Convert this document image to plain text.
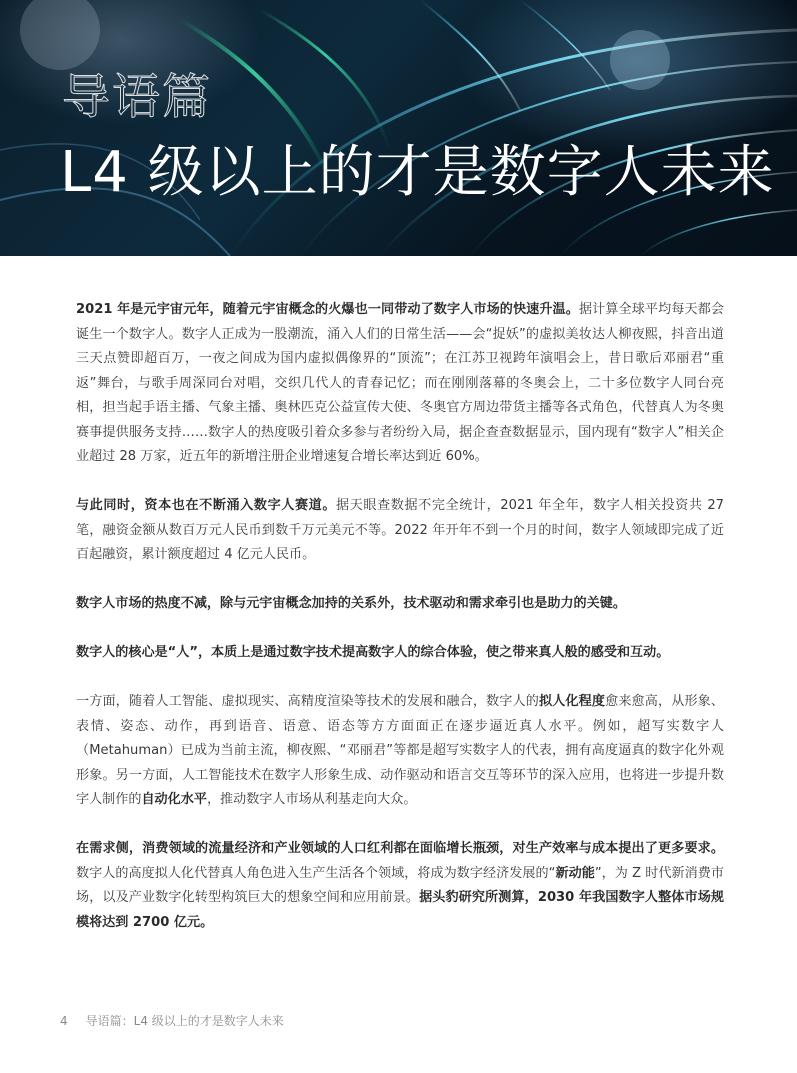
导语篇
L4 级以上的才是数字人未来

2021 年是元宇宙元年，随着元宇宙概念的火爆也一同带动了数字人市场的快速升温。据计算全球平均每天都会诞生一个数字人。数字人正成为一股潮流，涌入人们的日常生活——会“捉妖”的虚拟美妆达人柳夜熙，抖音出道三天点赞即超百万，一夜之间成为国内虚拟偶像界的“顶流”；在江苏卫视跨年演唱会上，昔日歌后邓丽君“重返”舞台，与歌手周深同台对唱，交织几代人的青春记忆；而在刚刚落幕的冬奥会上，二十多位数字人同台亮相，担当起手语主播、气象主播、奥林匹克公益宣传大使、冬奥官方周边带货主播等各式角色，代替真人为冬奥赛事提供服务支持……数字人的热度吸引着众多参与者纷纷入局，据企查查数据显示，国内现有“数字人”相关企业超过 28 万家，近五年的新增注册企业增速复合增长率达到近 60%。

与此同时，资本也在不断涌入数字人赛道。据天眼查数据不完全统计，2021 年全年，数字人相关投资共 27 笔，融资金额从数百万元人民币到数千万元美元不等。2022 年开年不到一个月的时间，数字人领域即完成了近百起融资，累计额度超过 4 亿元人民币。

数字人市场的热度不减，除与元宇宙概念加持的关系外，技术驱动和需求牵引也是助力的关键。

数字人的核心是“人”，本质上是通过数字技术提高数字人的综合体验，使之带来真人般的感受和互动。

一方面，随着人工智能、虚拟现实、高精度渲染等技术的发展和融合，数字人的拟人化程度愈来愈高，从形象、表情、姿态、动作，再到语音、语意、语态等方方面面正在逐步逼近真人水平。例如，超写实数字人（Metahuman）已成为当前主流，柳夜熙、“邓丽君”等都是超写实数字人的代表，拥有高度逼真的数字化外观形象。另一方面，人工智能技术在数字人形象生成、动作驱动和语言交互等环节的深入应用，也将进一步提升数字人制作的自动化水平，推动数字人市场从利基走向大众。

在需求侧，消费领域的流量经济和产业领域的人口红利都在面临增长瓶颈，对生产效率与成本提出了更多要求。数字人的高度拟人化代替真人角色进入生产生活各个领域，将成为数字经济发展的“新动能”，为 Z 时代新消费市场，以及产业数字化转型构筑巨大的想象空间和应用前景。据头豹研究所测算，2030 年我国数字人整体市场规模将达到 2700 亿元。

4 导语篇：L4 级以上的才是数字人未来
